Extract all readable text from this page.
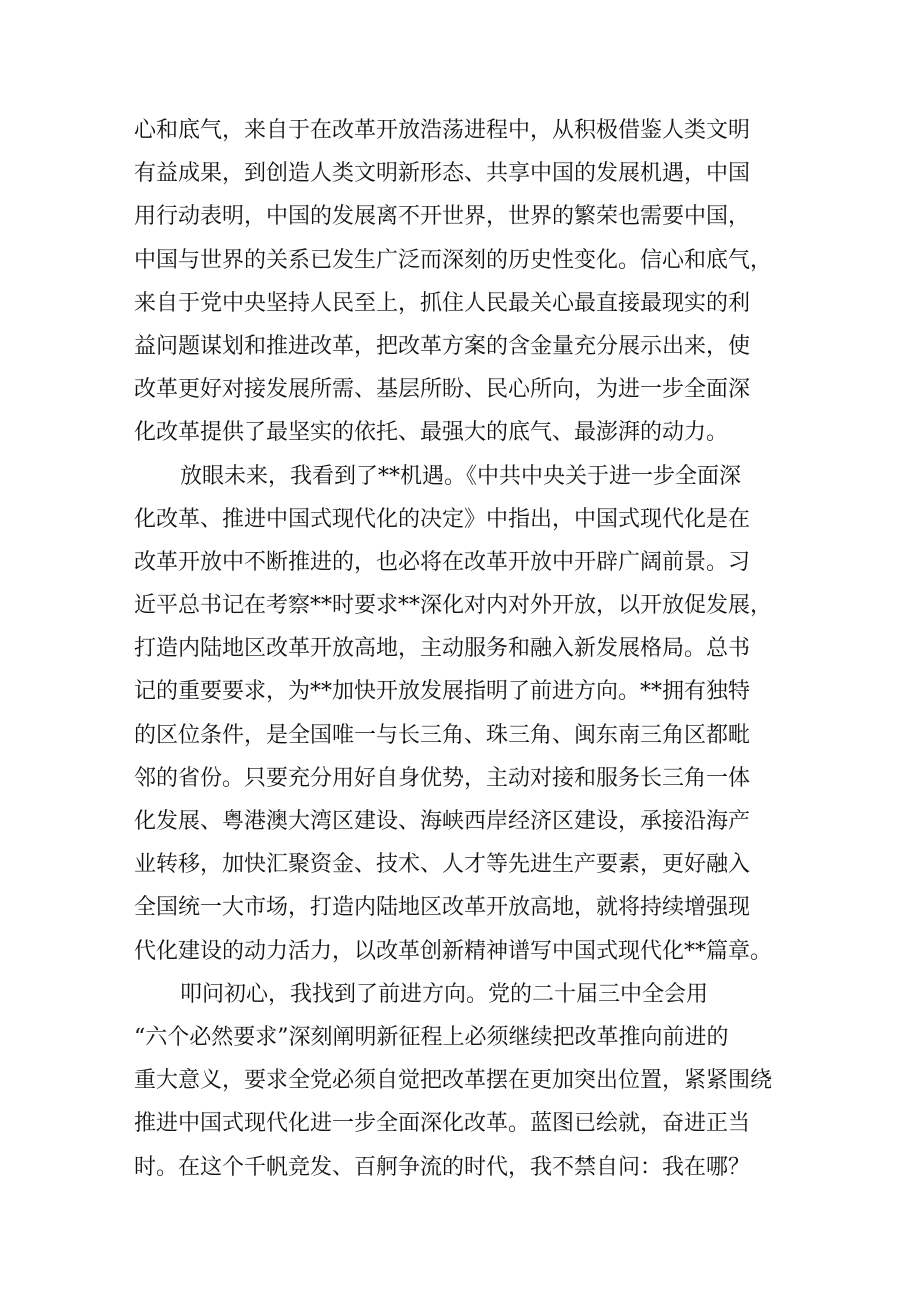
心和底气，来自于在改革开放浩荡进程中，从积极借鉴人类文明
有益成果，到创造人类文明新形态、共享中国的发展机遇，中国
用行动表明，中国的发展离不开世界，世界的繁荣也需要中国，
中国与世界的关系已发生广泛而深刻的历史性变化。信心和底气，
来自于党中央坚持人民至上，抓住人民最关心最直接最现实的利
益问题谋划和推进改革，把改革方案的含金量充分展示出来，使
改革更好对接发展所需、基层所盼、民心所向，为进一步全面深
化改革提供了最坚实的依托、最强大的底气、最澎湃的动力。
放眼未来，我看到了**机遇。《中共中央关于进一步全面深
化改革、推进中国式现代化的决定》中指出，中国式现代化是在
改革开放中不断推进的，也必将在改革开放中开辟广阔前景。习
近平总书记在考察**时要求**深化对内对外开放，以开放促发展，
打造内陆地区改革开放高地，主动服务和融入新发展格局。总书
记的重要要求，为**加快开放发展指明了前进方向。**拥有独特
的区位条件，是全国唯一与长三角、珠三角、闽东南三角区都毗
邻的省份。只要充分用好自身优势，主动对接和服务长三角一体
化发展、粤港澳大湾区建设、海峡西岸经济区建设，承接沿海产
业转移，加快汇聚资金、技术、人才等先进生产要素，更好融入
全国统一大市场，打造内陆地区改革开放高地，就将持续增强现
代化建设的动力活力，以改革创新精神谱写中国式现代化**篇章。
叩问初心，我找到了前进方向。党的二十届三中全会用
“六个必然要求”深刻阐明新征程上必须继续把改革推向前进的
重大意义，要求全党必须自觉把改革摆在更加突出位置，紧紧围绕
推进中国式现代化进一步全面深化改革。蓝图已绘就，奋进正当
时。在这个千帆竞发、百舸争流的时代，我不禁自问：我在哪？
